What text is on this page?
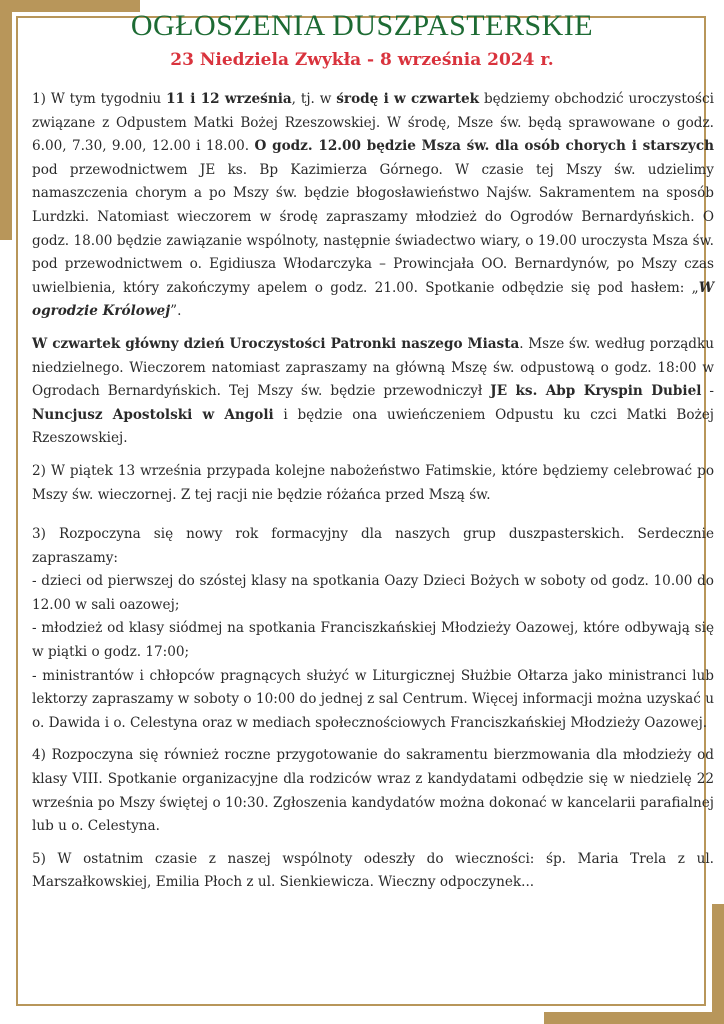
OGŁOSZENIA DUSZPASTERSKIE
23 Niedziela Zwykła - 8 września 2024 r.

1) W tym tygodniu 11 i 12 września, tj. w środę i w czwartek będziemy obchodzić uroczystości związane z Odpustem Matki Bożej Rzeszowskiej. W środę, Msze św. będą sprawowane o godz. 6.00, 7.30, 9.00, 12.00 i 18.00. O godz. 12.00 będzie Msza św. dla osób chorych i starszych pod przewodnictwem JE ks. Bp Kazimierza Górnego. W czasie tej Mszy św. udzielimy namaszczenia chorym a po Mszy św. będzie błogosławieństwo Najśw. Sakramentem na sposób Lurdzki. Natomiast wieczorem w środę zapraszamy młodzież do Ogrodów Bernardyńskich. O godz. 18.00 będzie zawiązanie wspólnoty, następnie świadectwo wiary, o 19.00 uroczysta Msza św. pod przewodnictwem o. Egidiusza Włodarczyka – Prowincjała OO. Bernardynów, po Mszy czas uwielbienia, który zakończymy apelem o godz. 21.00. Spotkanie odbędzie się pod hasłem: „W ogrodzie Królowej”.

W czwartek główny dzień Uroczystości Patronki naszego Miasta. Msze św. według porządku niedzielnego. Wieczorem natomiast zapraszamy na główną Mszę św. odpustową o godz. 18:00 w Ogrodach Bernardyńskich. Tej Mszy św. będzie przewodniczył JE ks. Abp Kryspin Dubiel - Nuncjusz Apostolski w Angoli i będzie ona uwieńczeniem Odpustu ku czci Matki Bożej Rzeszowskiej.

2) W piątek 13 września przypada kolejne nabożeństwo Fatimskie, które będziemy celebrować po Mszy św. wieczornej. Z tej racji nie będzie różańca przed Mszą św.

3) Rozpoczyna się nowy rok formacyjny dla naszych grup duszpasterskich. Serdecznie zapraszamy:
- dzieci od pierwszej do szóstej klasy na spotkania Oazy Dzieci Bożych w soboty od godz. 10.00 do 12.00 w sali oazowej;
- młodzież od klasy siódmej na spotkania Franciszkańskiej Młodzieży Oazowej, które odbywają się w piątki o godz. 17:00;
- ministrantów i chłopców pragnących służyć w Liturgicznej Służbie Ołtarza jako ministranci lub lektorzy zapraszamy w soboty o 10:00 do jednej z sal Centrum. Więcej informacji można uzyskać u o. Dawida i o. Celestyna oraz w mediach społecznościowych Franciszkańskiej Młodzieży Oazowej.

4) Rozpoczyna się również roczne przygotowanie do sakramentu bierzmowania dla młodzieży od klasy VIII. Spotkanie organizacyjne dla rodziców wraz z kandydatami odbędzie się w niedzielę 22 września po Mszy świętej o 10:30. Zgłoszenia kandydatów można dokonać w kancelarii parafialnej lub u o. Celestyna.

5) W ostatnim czasie z naszej wspólnoty odeszły do wieczności: śp. Maria Trela z ul. Marszałkowskiej, Emilia Płoch z ul. Sienkiewicza. Wieczny odpoczynek...
